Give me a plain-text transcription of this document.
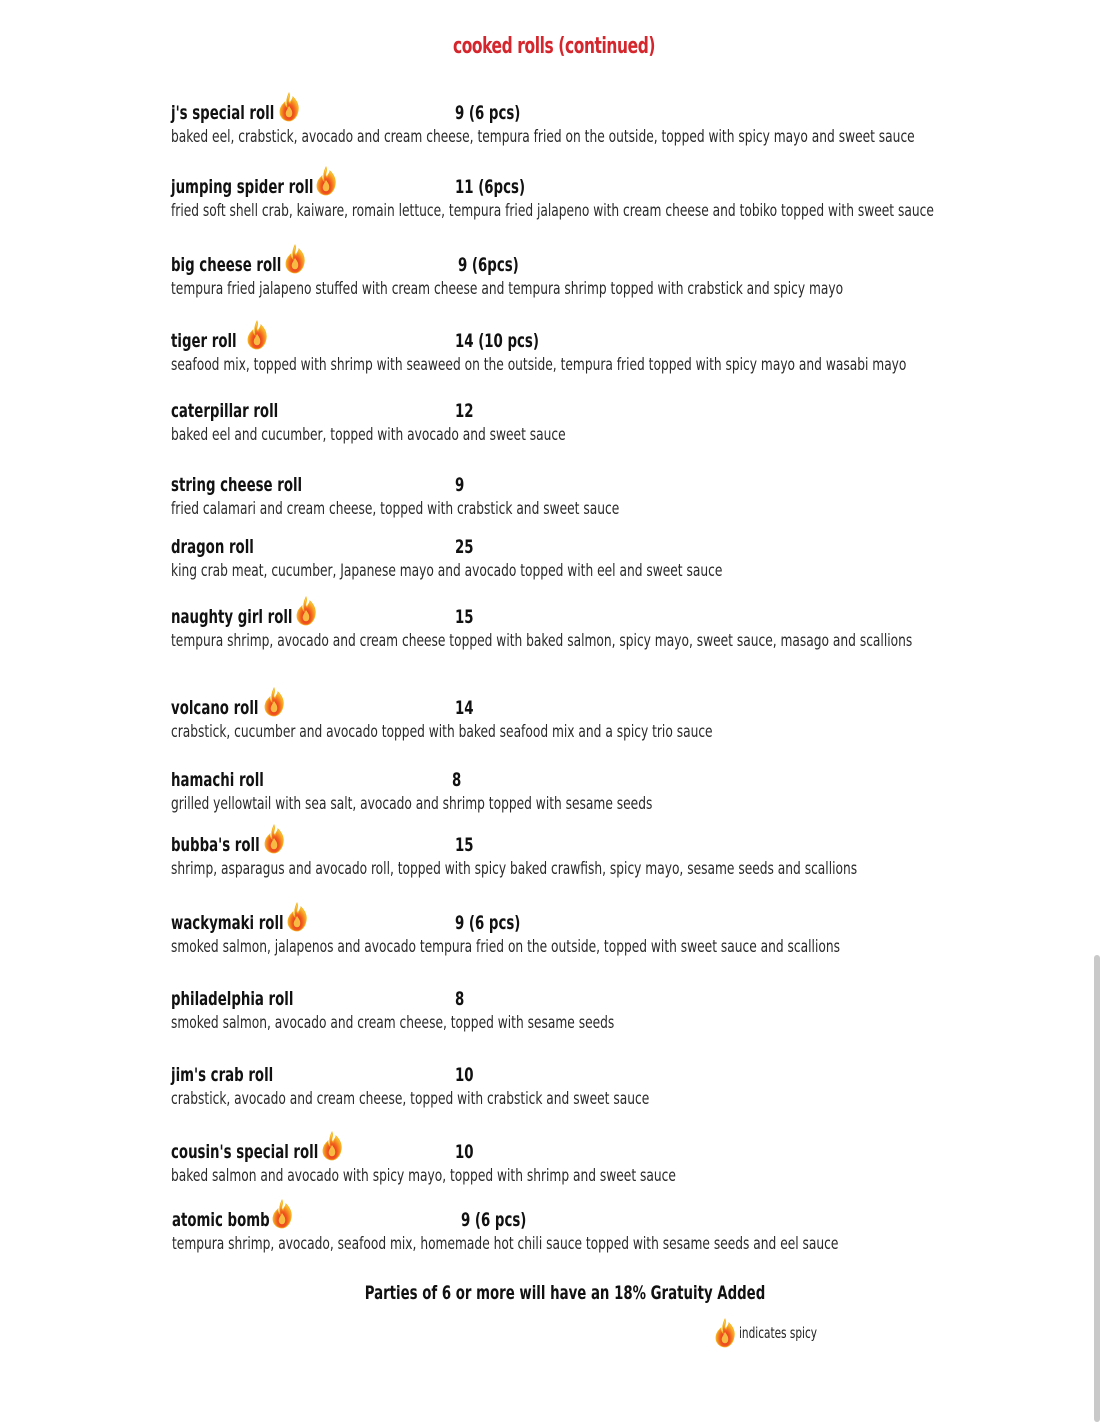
cooked rolls (continued)
j's special roll	9 (6 pcs)
baked eel, crabstick, avocado and cream cheese, tempura fried on the outside, topped with spicy mayo and sweet sauce
jumping spider roll	11 (6pcs)
fried soft shell crab, kaiware, romain lettuce, tempura fried jalapeno with cream cheese and tobiko topped with sweet sauce
big cheese roll	9 (6pcs)
tempura fried jalapeno stuffed with cream cheese and tempura shrimp topped with crabstick and spicy mayo
tiger roll	14 (10 pcs)
seafood mix, topped with shrimp with seaweed on the outside, tempura fried topped with spicy mayo and wasabi mayo
caterpillar roll	12
baked eel and cucumber, topped with avocado and sweet sauce
string cheese roll	9
fried calamari and cream cheese, topped with crabstick and sweet sauce
dragon roll	25
king crab meat, cucumber, Japanese mayo and avocado topped with eel and sweet sauce
naughty girl roll	15
tempura shrimp, avocado and cream cheese topped with baked salmon, spicy mayo, sweet sauce, masago and scallions
volcano roll	14
crabstick, cucumber and avocado topped with baked seafood mix and a spicy trio sauce
hamachi roll	8
grilled yellowtail with sea salt, avocado and shrimp topped with sesame seeds
bubba's roll	15
shrimp, asparagus and avocado roll, topped with spicy baked crawfish, spicy mayo, sesame seeds and scallions
wackymaki roll	9 (6 pcs)
smoked salmon, jalapenos and avocado tempura fried on the outside, topped with sweet sauce and scallions
philadelphia roll	8
smoked salmon, avocado and cream cheese, topped with sesame seeds
jim's crab roll	10
crabstick, avocado and cream cheese, topped with crabstick and sweet sauce
cousin's special roll	10
baked salmon and avocado with spicy mayo, topped with shrimp and sweet sauce
atomic bomb	9 (6 pcs)
tempura shrimp, avocado, seafood mix, homemade hot chili sauce topped with sesame seeds and eel sauce
Parties of 6 or more will have an 18% Gratuity Added
indicates spicy
